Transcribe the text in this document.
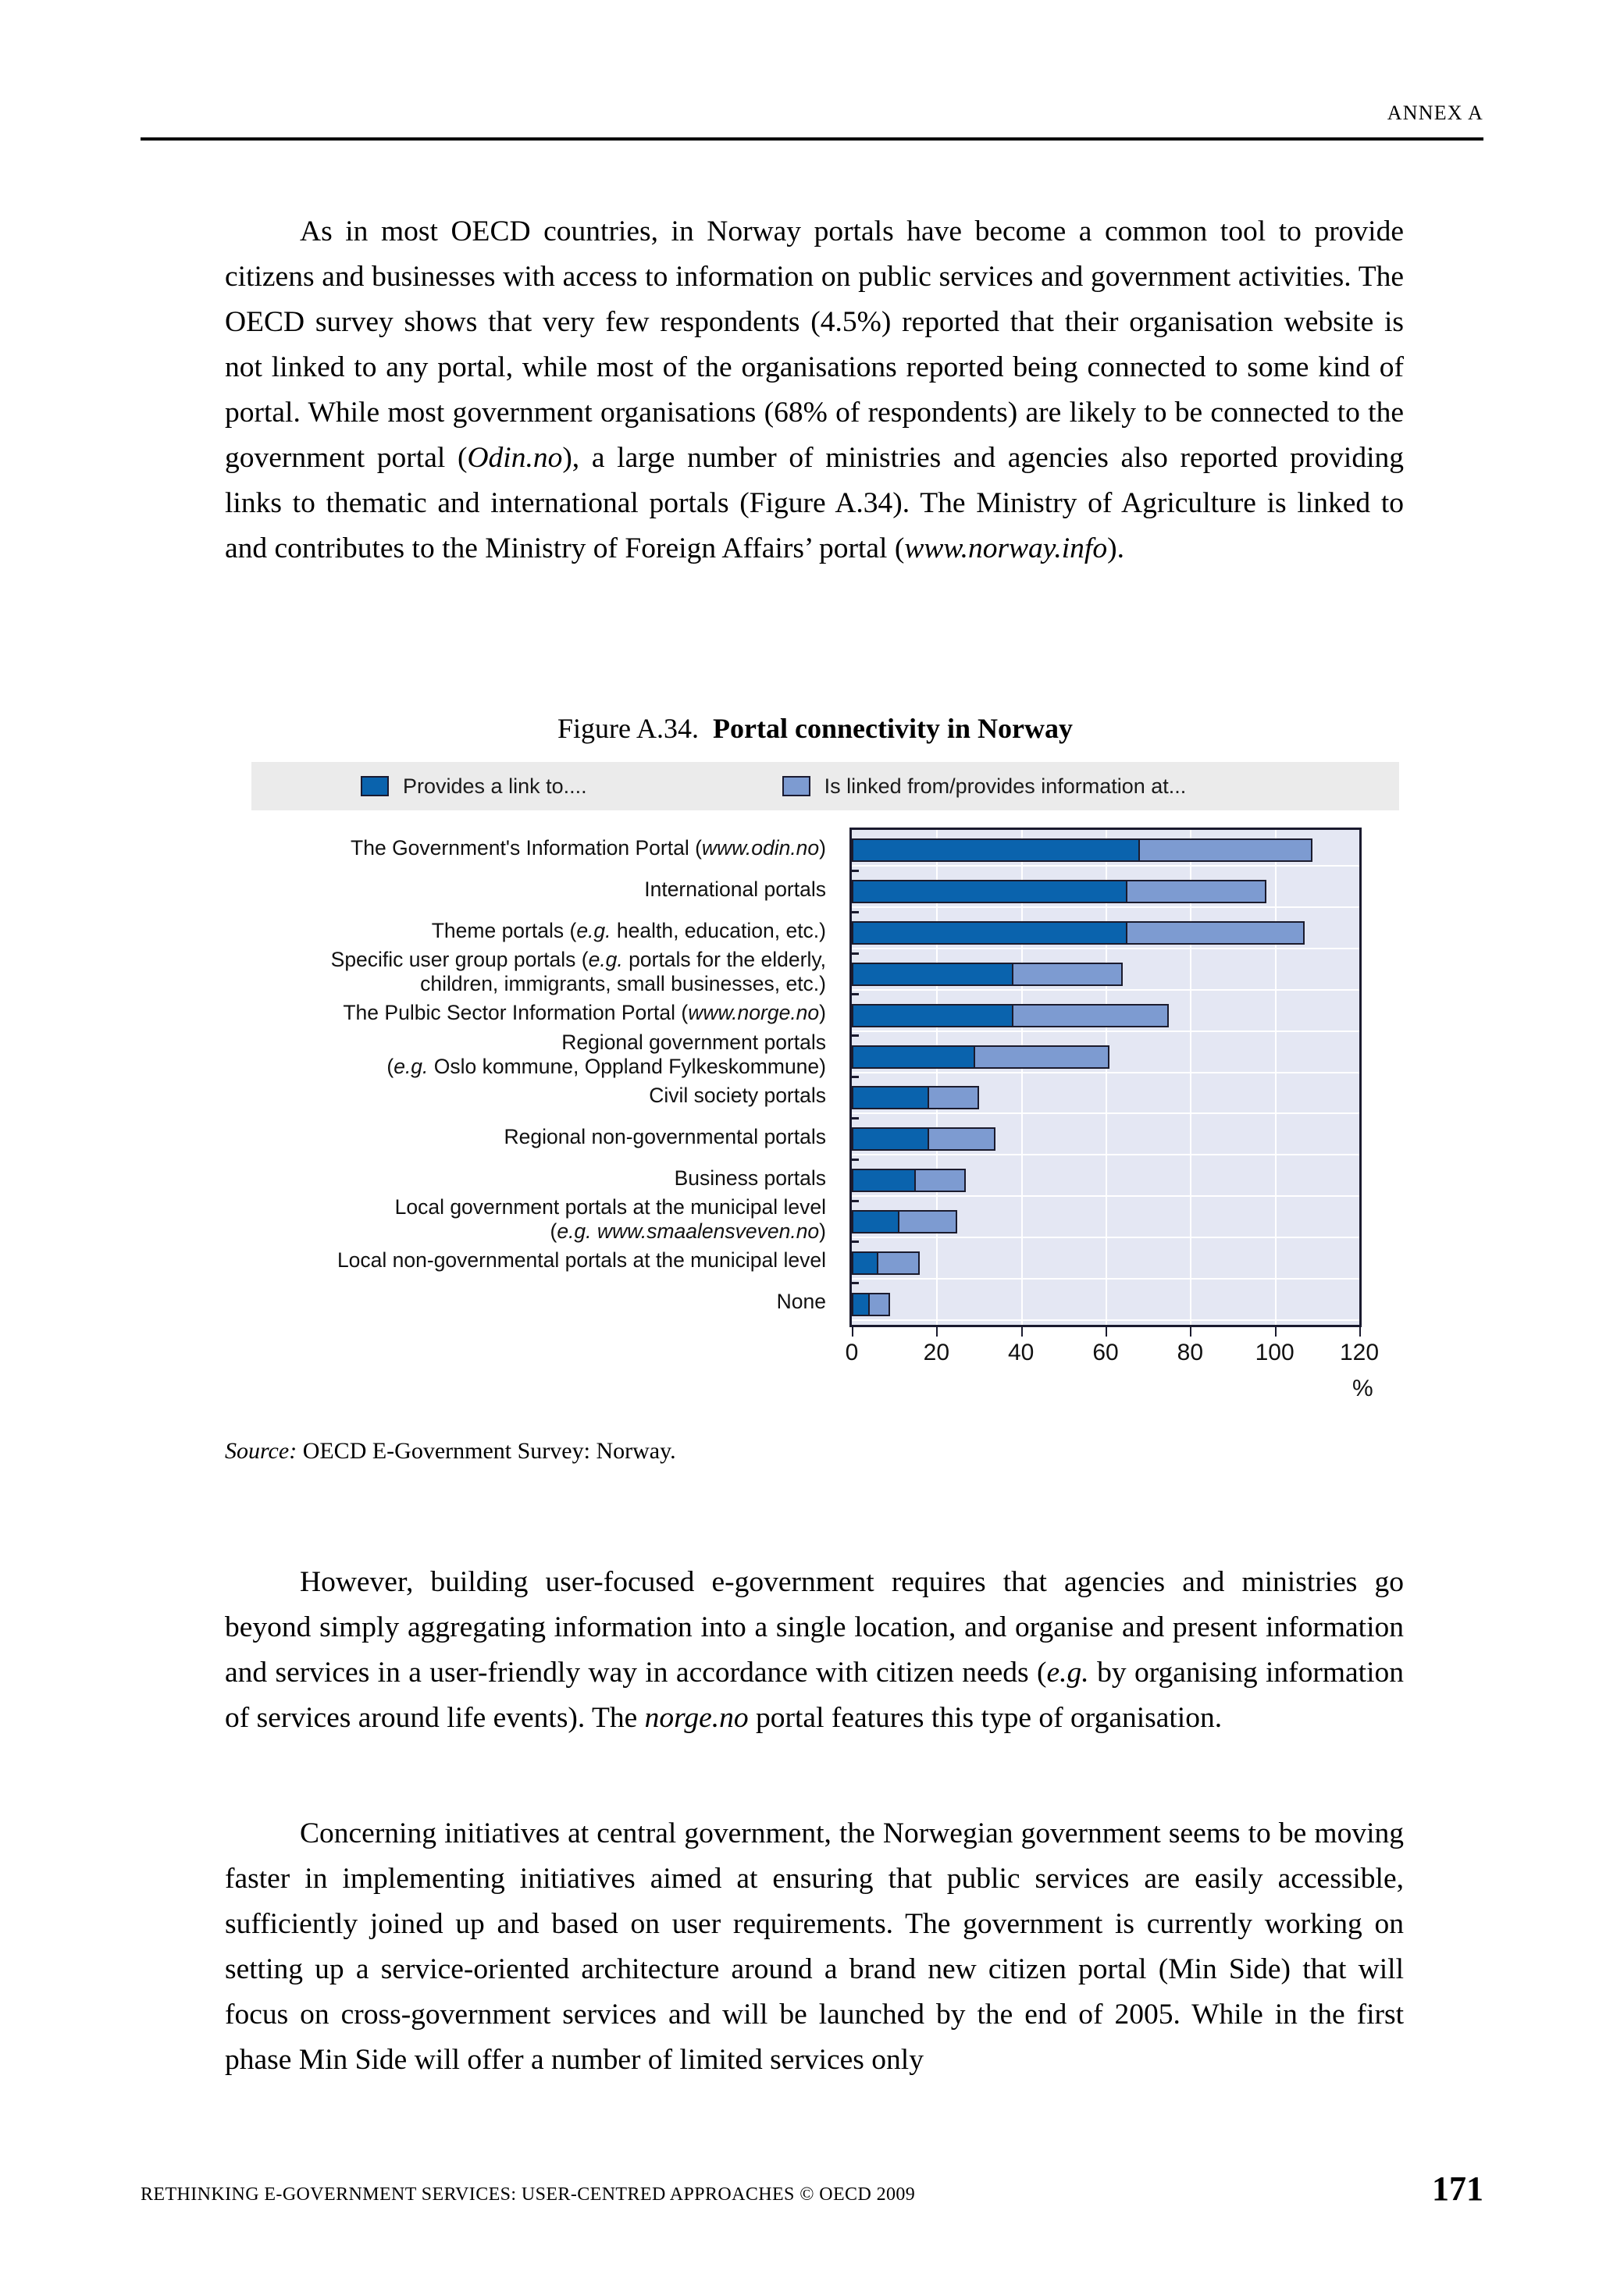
ANNEX A

As in most OECD countries, in Norway portals have become a common tool to provide citizens and businesses with access to information on public services and government activities. The OECD survey shows that very few respondents (4.5%) reported that their organisation website is not linked to any portal, while most of the organisations reported being connected to some kind of portal. While most government organisations (68% of respondents) are likely to be connected to the government portal (Odin.no), a large number of ministries and agencies also reported providing links to thematic and international portals (Figure A.34). The Ministry of Agriculture is linked to and contributes to the Ministry of Foreign Affairs’ portal (www.norway.info).

Figure A.34. Portal connectivity in Norway
Provides a link to....	Is linked from/provides information at...
The Government's Information Portal (www.odin.no)
International portals
Theme portals (e.g. health, education, etc.)
Specific user group portals (e.g. portals for the elderly,
children, immigrants, small businesses, etc.)
The Pulbic Sector Information Portal (www.norge.no)
Regional government portals
(e.g. Oslo kommune, Oppland Fylkeskommune)
Civil society portals
Regional non-governmental portals
Business portals
Local government portals at the municipal level
(e.g. www.smaalensveven.no)
Local non-governmental portals at the municipal level
None
%
0	20 40 60 80 100 120
Source: OECD E-Government Survey: Norway.

However, building user-focused e-government requires that agencies and ministries go beyond simply aggregating information into a single location, and organise and present information and services in a user-friendly way in accordance with citizen needs (e.g. by organising information of services around life events). The norge.no portal features this type of organisation.

Concerning initiatives at central government, the Norwegian government seems to be moving faster in implementing initiatives aimed at ensuring that public services are easily accessible, sufficiently joined up and based on user requirements. The government is currently working on setting up a service-oriented architecture around a brand new citizen portal (Min Side) that will focus on cross-government services and will be launched by the end of 2005. While in the first phase Min Side will offer a number of limited services only

RETHINKING E-GOVERNMENT SERVICES: USER-CENTRED APPROACHES © OECD 2009	171
